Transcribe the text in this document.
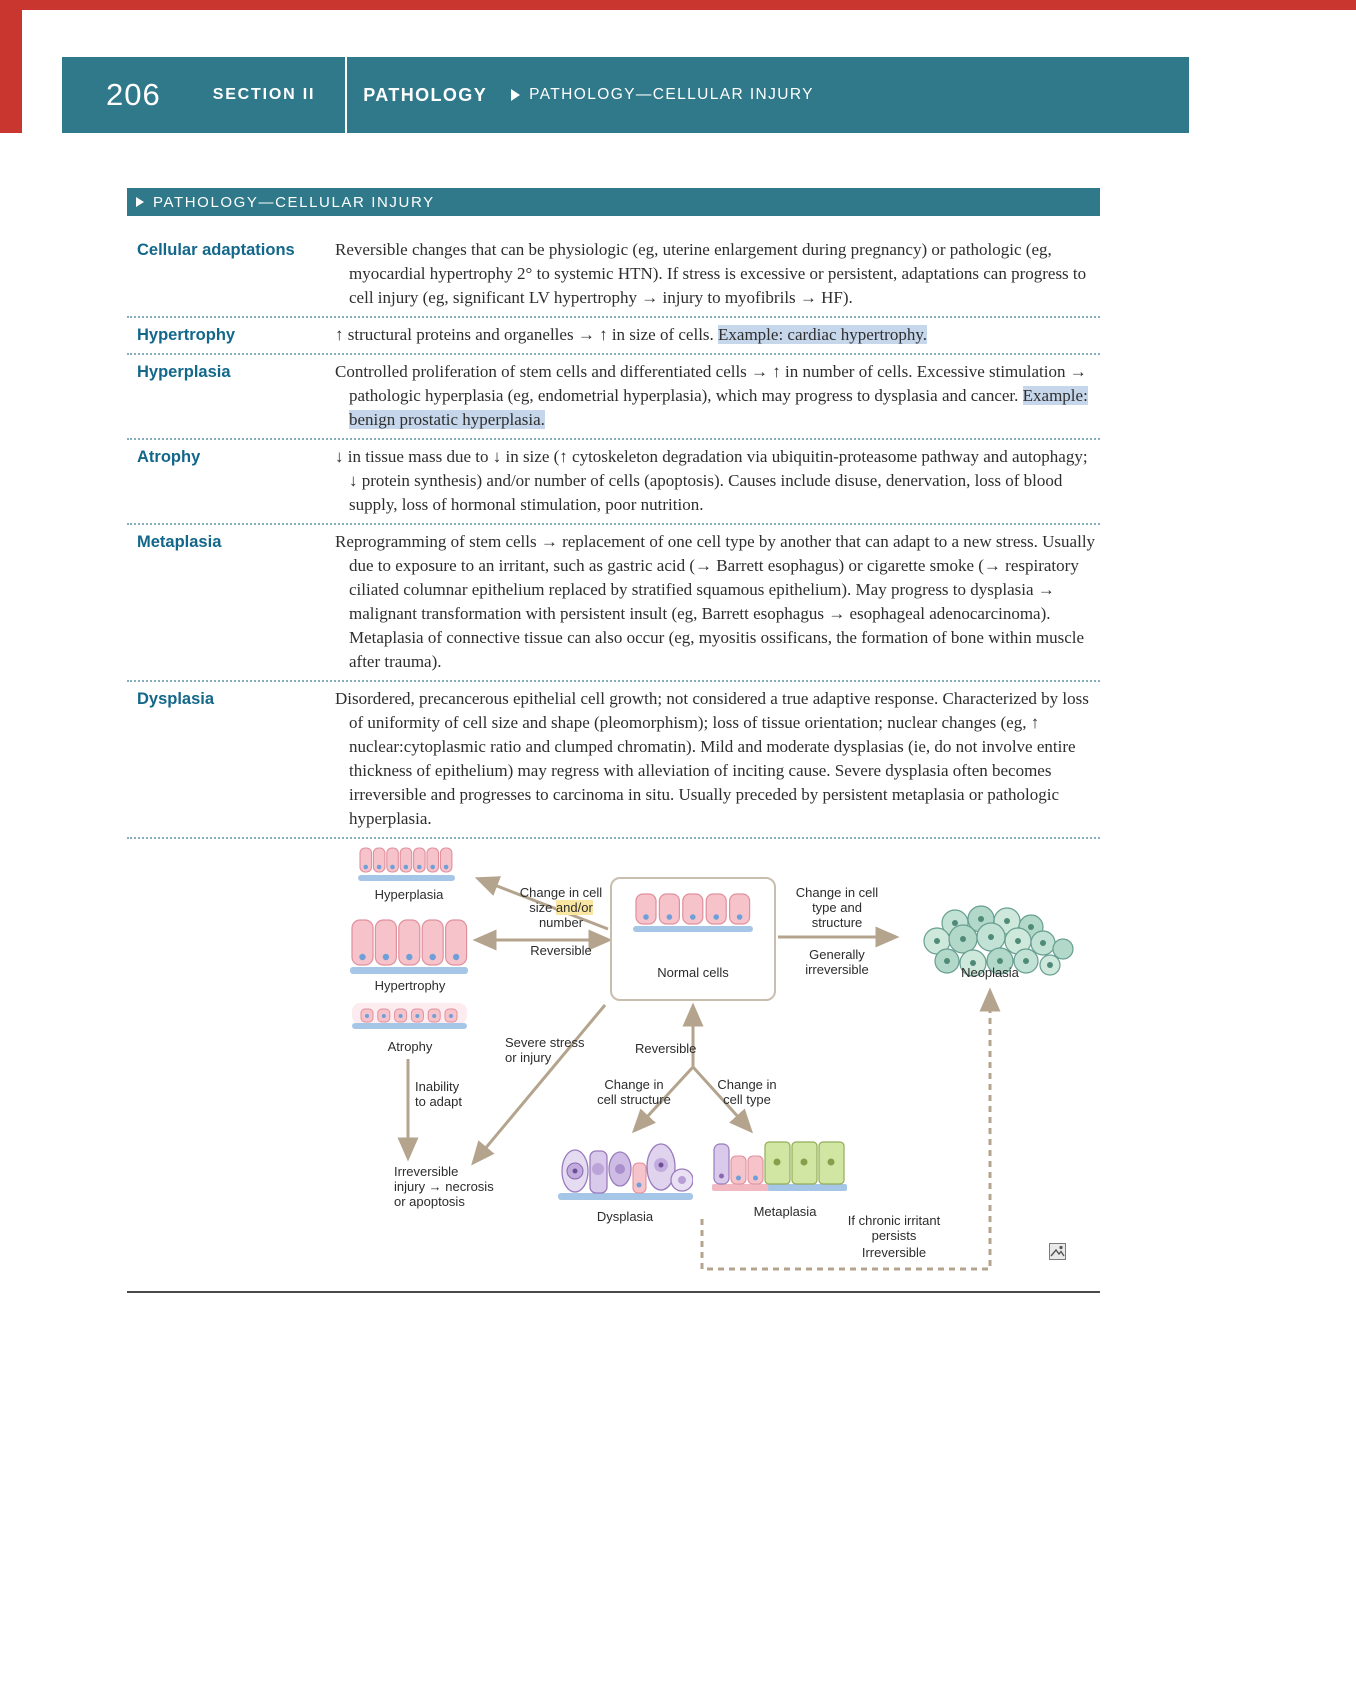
206	SECTION II	PATHOLOGY	PATHOLOGY—CELLULAR INJURY
PATHOLOGY—CELLULAR INJURY
Cellular adaptations	Reversible changes that can be physiologic (eg, uterine enlargement during pregnancy) or pathologic (eg, myocardial hypertrophy 2° to systemic HTN). If stress is excessive or persistent, adaptations can progress to cell injury (eg, significant LV hypertrophy → injury to myofibrils → HF).
Hypertrophy	↑ structural proteins and organelles → ↑ in size of cells. Example: cardiac hypertrophy.
Hyperplasia	Controlled proliferation of stem cells and differentiated cells → ↑ in number of cells. Excessive stimulation → pathologic hyperplasia (eg, endometrial hyperplasia), which may progress to dysplasia and cancer. Example: benign prostatic hyperplasia.
Atrophy	↓ in tissue mass due to ↓ in size (↑ cytoskeleton degradation via ubiquitin-proteasome pathway and autophagy; ↓ protein synthesis) and/or number of cells (apoptosis). Causes include disuse, denervation, loss of blood supply, loss of hormonal stimulation, poor nutrition.
Metaplasia	Reprogramming of stem cells → replacement of one cell type by another that can adapt to a new stress. Usually due to exposure to an irritant, such as gastric acid (→ Barrett esophagus) or cigarette smoke (→ respiratory ciliated columnar epithelium replaced by stratified squamous epithelium). May progress to dysplasia → malignant transformation with persistent insult (eg, Barrett esophagus → esophageal adenocarcinoma). Metaplasia of connective tissue can also occur (eg, myositis ossificans, the formation of bone within muscle after trauma).
Dysplasia	Disordered, precancerous epithelial cell growth; not considered a true adaptive response. Characterized by loss of uniformity of cell size and shape (pleomorphism); loss of tissue orientation; nuclear changes (eg, ↑ nuclear:cytoplasmic ratio and clumped chromatin). Mild and moderate dysplasias (ie, do not involve entire thickness of epithelium) may regress with alleviation of inciting cause. Severe dysplasia often becomes irreversible and progresses to carcinoma in situ. Usually preceded by persistent metaplasia or pathologic hyperplasia.
Hyperplasia	Change in cell
size and/or
number
Reversible
Hypertrophy
Normal cells
Change in cell
type and
structure
Generally
irreversible	Neoplasia
Atrophy	Severe stress
or injury
Reversible
Change in
cell structure
Change in
cell type
Inability
to adapt
Irreversible
injury → necrosis
or apoptosis
Dysplasia	Metaplasia
If chronic irritant
persists
Irreversible
